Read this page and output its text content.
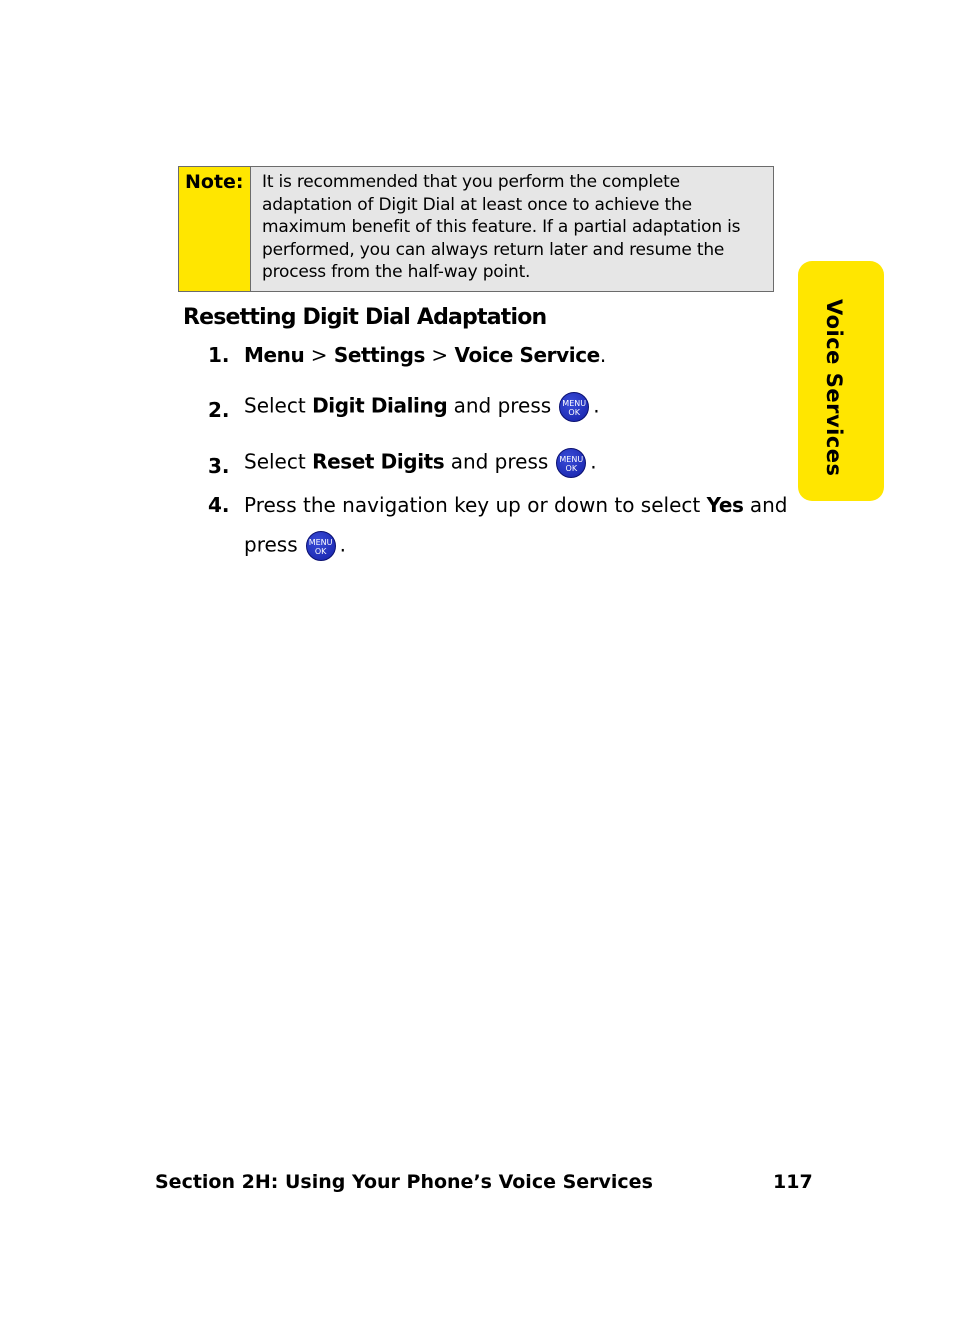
Note:	It is recommended that you perform the complete adaptation of Digit Dial at least once to achieve the maximum benefit of this feature. If a partial adaptation is performed, you can always return later and resume the process from the half-way point.
Resetting Digit Dial Adaptation
1. Menu > Settings > Voice Service.
2. Select Digit Dialing and press MENU
OK .
3. Select Reset Digits and press MENU
OK .
4. Press the navigation key up or down to select Yes and
press MENU
OK .
Voice Services
Section 2H: Using Your Phone’s Voice Services	117
